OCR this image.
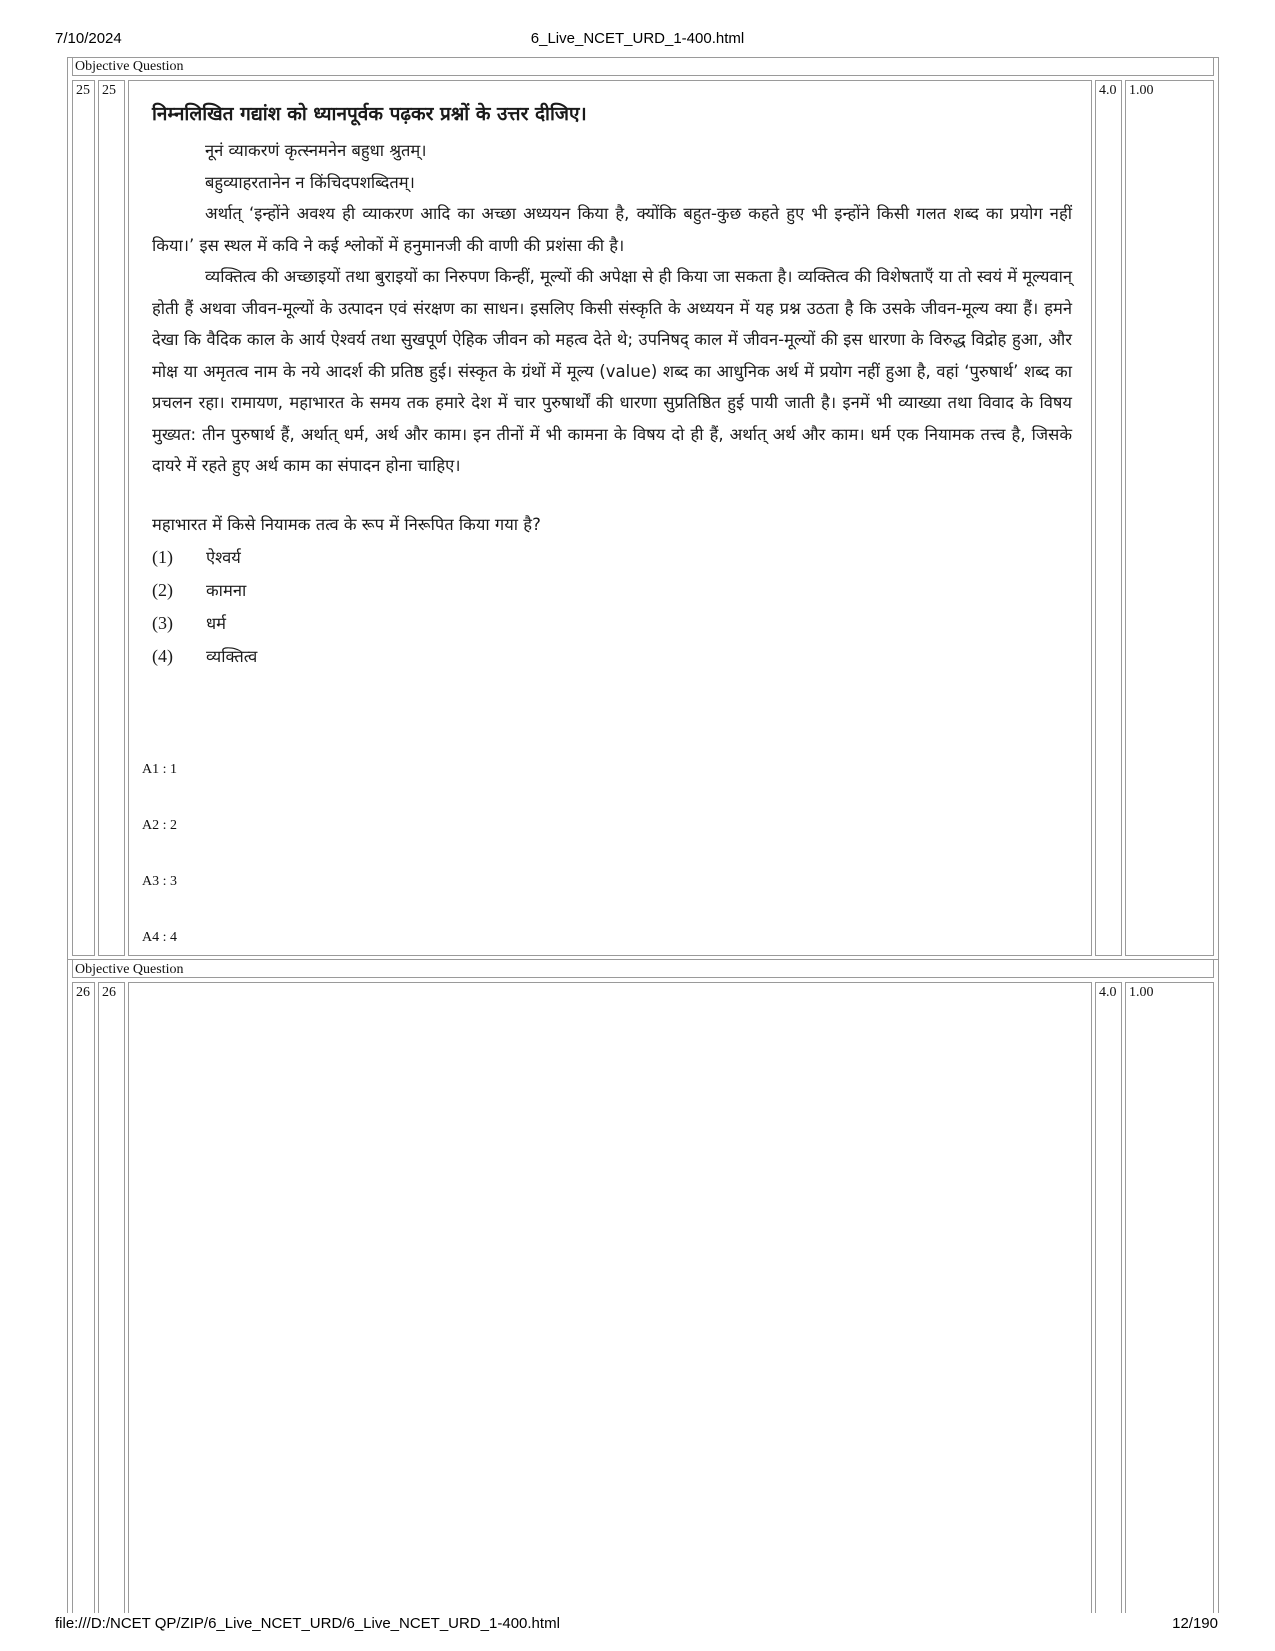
7/10/2024	6_Live_NCET_URD_1-400.html
file:///D:/NCET QP/ZIP/6_Live_NCET_URD/6_Live_NCET_URD_1-400.html	12/190
Objective Question
25 25	4.0 1.00
निम्नलिखित गद्यांश को ध्यानपूर्वक पढ़कर प्रश्नों के उत्तर दीजिए।

नूनं व्याकरणं कृत्स्नमनेन बहुधा श्रुतम्।

बहुव्याहरतानेन न किंचिदपशब्दितम्।

अर्थात् ‘इन्होंने अवश्य ही व्याकरण आदि का अच्छा अध्ययन किया है, क्योंकि बहुत-कुछ कहते हुए भी इन्होंने किसी गलत शब्द का प्रयोग नहीं किया।’ इस स्थल में कवि ने कई श्लोकों में हनुमानजी की वाणी की प्रशंसा की है।

व्यक्तित्व की अच्छाइयों तथा बुराइयों का निरुपण किन्हीं, मूल्यों की अपेक्षा से ही किया जा सकता है। व्यक्तित्व की विशेषताएँ या तो स्वयं में मूल्यवान् होती हैं अथवा जीवन-मूल्यों के उत्पादन एवं संरक्षण का साधन। इसलिए किसी संस्कृति के अध्ययन में यह प्रश्न उठता है कि उसके जीवन-मूल्य क्या हैं। हमने देखा कि वैदिक काल के आर्य ऐश्वर्य तथा सुखपूर्ण ऐहिक जीवन को महत्व देते थे; उपनिषद् काल में जीवन-मूल्यों की इस धारणा के विरुद्ध विद्रोह हुआ, और मोक्ष या अमृतत्व नाम के नये आदर्श की प्रतिष्ठ हुई। संस्कृत के ग्रंथों में मूल्य (value) शब्द का आधुनिक अर्थ में प्रयोग नहीं हुआ है, वहां ‘पुरुषार्थ’ शब्द का प्रचलन रहा। रामायण, महाभारत के समय तक हमारे देश में चार पुरुषार्थों की धारणा सुप्रतिष्ठित हुई पायी जाती है। इनमें भी व्याख्या तथा विवाद के विषय मुख्यत: तीन पुरुषार्थ हैं, अर्थात् धर्म, अर्थ और काम। इन तीनों में भी कामना के विषय दो ही हैं, अर्थात् अर्थ और काम। धर्म एक नियामक तत्त्व है, जिसके दायरे में रहते हुए अर्थ काम का संपादन होना चाहिए।

महाभारत में किसे नियामक तत्व के रूप में निरूपित किया गया है?
(1) ऐश्वर्य
(2) कामना
(3) धर्म
(4) व्यक्तित्व
A1 : 1
A2 : 2
A3 : 3
A4 : 4
Objective Question
26 26	4.0 1.00
